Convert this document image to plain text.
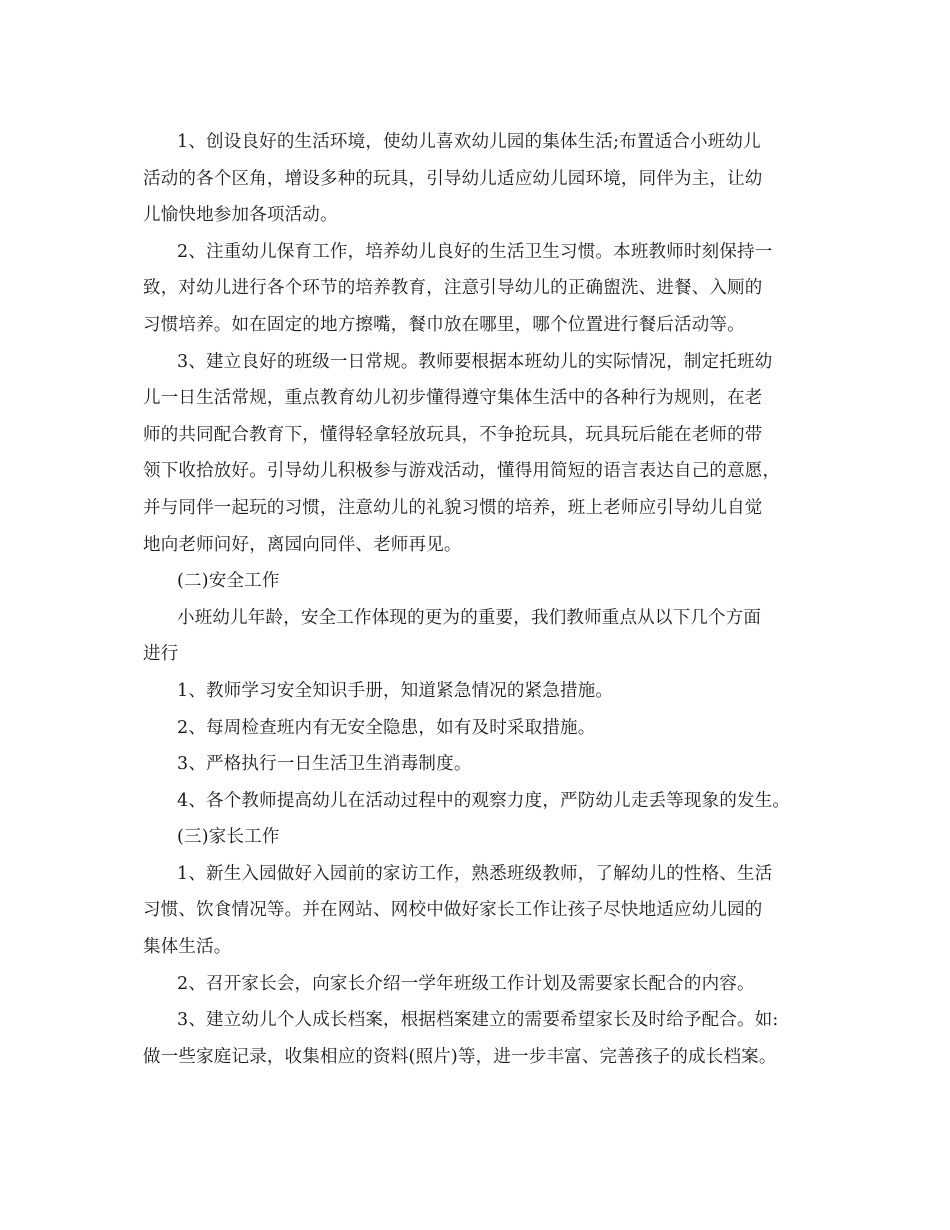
1、创设良好的生活环境，使幼儿喜欢幼儿园的集体生活;布置适合小班幼儿
活动的各个区角，增设多种的玩具，引导幼儿适应幼儿园环境，同伴为主，让幼
儿愉快地参加各项活动。
2、注重幼儿保育工作，培养幼儿良好的生活卫生习惯。本班教师时刻保持一
致，对幼儿进行各个环节的培养教育，注意引导幼儿的正确盥洗、进餐、入厕的
习惯培养。如在固定的地方擦嘴，餐巾放在哪里，哪个位置进行餐后活动等。
3、建立良好的班级一日常规。教师要根据本班幼儿的实际情况，制定托班幼
儿一日生活常规，重点教育幼儿初步懂得遵守集体生活中的各种行为规则，在老
师的共同配合教育下，懂得轻拿轻放玩具，不争抢玩具，玩具玩后能在老师的带
领下收拾放好。引导幼儿积极参与游戏活动，懂得用简短的语言表达自己的意愿，
并与同伴一起玩的习惯，注意幼儿的礼貌习惯的培养，班上老师应引导幼儿自觉
地向老师问好，离园向同伴、老师再见。
(二)安全工作
小班幼儿年龄，安全工作体现的更为的重要，我们教师重点从以下几个方面
进行
1、教师学习安全知识手册，知道紧急情况的紧急措施。
2、每周检查班内有无安全隐患，如有及时采取措施。
3、严格执行一日生活卫生消毒制度。
4、各个教师提高幼儿在活动过程中的观察力度，严防幼儿走丢等现象的发生。
(三)家长工作
1、新生入园做好入园前的家访工作，熟悉班级教师，了解幼儿的性格、生活
习惯、饮食情况等。并在网站、网校中做好家长工作让孩子尽快地适应幼儿园的
集体生活。
2、召开家长会，向家长介绍一学年班级工作计划及需要家长配合的内容。
3、建立幼儿个人成长档案，根据档案建立的需要希望家长及时给予配合。如:
做一些家庭记录，收集相应的资料(照片)等，进一步丰富、完善孩子的成长档案。
